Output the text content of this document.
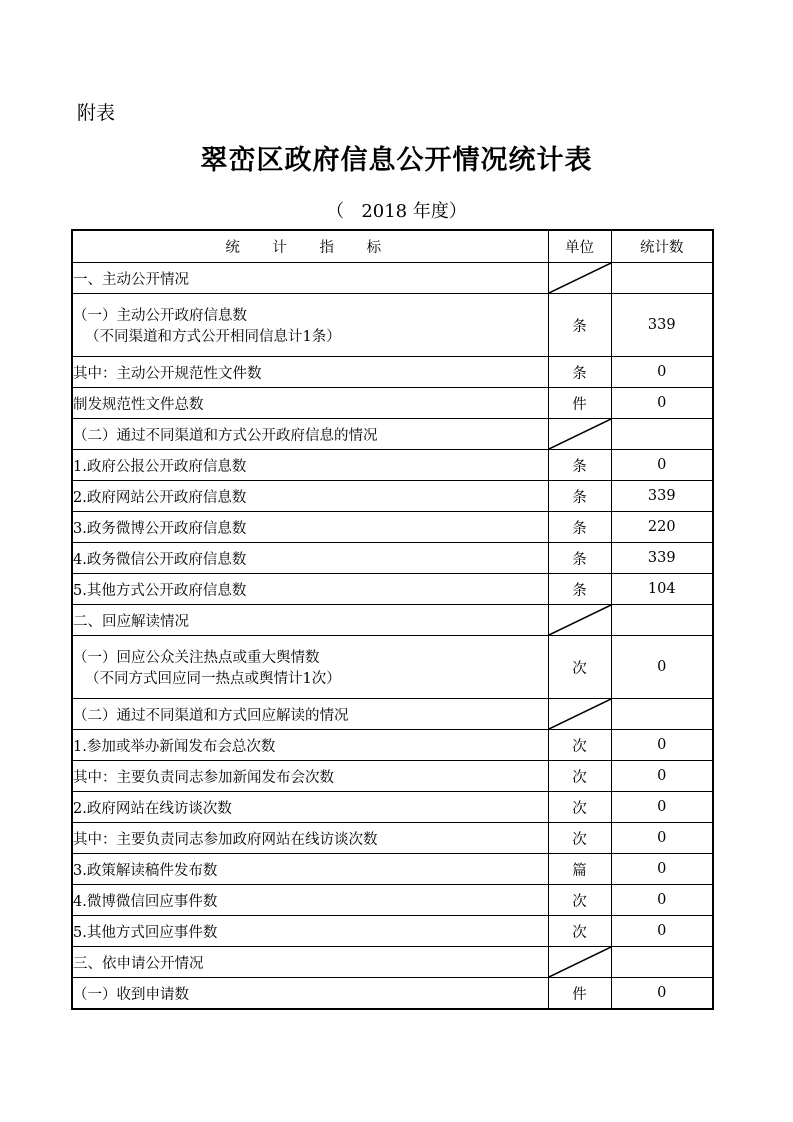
附表
翠峦区政府信息公开情况统计表
（ 2018 年度）
统 计 指 标	单位	统计数
一、主动公开情况	

（一）主动公开政府信息数
（不同渠道和方式公开相同信息计1条）	条	339
其中：主动公开规范性文件数	条	0
制发规范性文件总数	件	0
（二）通过不同渠道和方式公开政府信息的情况	

1.政府公报公开政府信息数	条	0
2.政府网站公开政府信息数	条	339
3.政务微博公开政府信息数	条	220
4.政务微信公开政府信息数	条	339
5.其他方式公开政府信息数	条	104
二、回应解读情况	

（一）回应公众关注热点或重大舆情数
（不同方式回应同一热点或舆情计1次）	次	0
（二）通过不同渠道和方式回应解读的情况	

1.参加或举办新闻发布会总次数	次	0
其中：主要负责同志参加新闻发布会次数	次	0
2.政府网站在线访谈次数	次	0
其中：主要负责同志参加政府网站在线访谈次数	次	0
3.政策解读稿件发布数	篇	0
4.微博微信回应事件数	次	0
5.其他方式回应事件数	次	0
三、依申请公开情况	

（一）收到申请数	件	0
